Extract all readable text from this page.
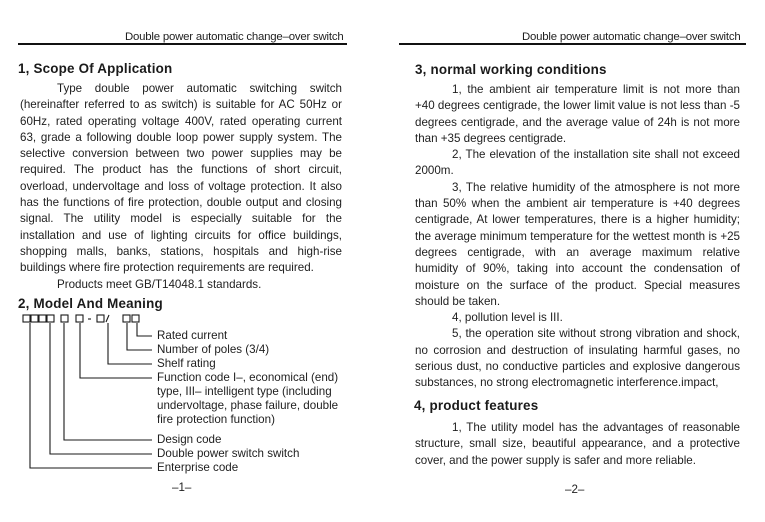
Double power automatic change–over switch
1, Scope Of Application

Type double power automatic switching switch (hereinafter referred to as switch) is suitable for AC 50Hz or 60Hz, rated operating voltage 400V, rated operating current 63, grade a following double loop power supply system. The selective conversion between two power supplies may be required. The product has the functions of short circuit, overload, undervoltage and loss of voltage protection. It also has the functions of fire protection, double output and closing signal. The utility model is especially suitable for the installation and use of lighting circuits for office buildings, shopping malls, banks, stations, hospitals and high-rise buildings where fire protection requirements are required.

Products meet GB/T14048.1 standards.

2, Model And Meaning
Rated current
Number of poles (3/4)
Shelf rating
Function code I–, economical (end)
type, III– intelligent type (including
undervoltage, phase failure, double
fire protection function)
Design code
Double power switch switch
Enterprise code
–1–
Double power automatic change–over switch
3, normal working conditions

1, the ambient air temperature limit is not more than +40 degrees centigrade, the lower limit value is not less than -5 degrees centigrade, and the average value of 24h is not more than +35 degrees centigrade.

2, The elevation of the installation site shall not exceed 2000m.

3, The relative humidity of the atmosphere is not more than 50% when the ambient air temperature is +40 degrees centigrade, At lower temperatures, there is a higher humidity; the average minimum temperature for the wettest month is +25 degrees centigrade, with an average maximum relative humidity of 90%, taking into account the condensation of moisture on the surface of the product. Special measures should be taken.

4, pollution level is III.

5, the operation site without strong vibration and shock, no corrosion and destruction of insulating harmful gases, no serious dust, no conductive particles and explosive dangerous substances, no strong electromagnetic interference.impact,

4, product features

1, The utility model has the advantages of reasonable structure, small size, beautiful appearance, and a protective cover, and the power supply is safer and more reliable.

–2–
